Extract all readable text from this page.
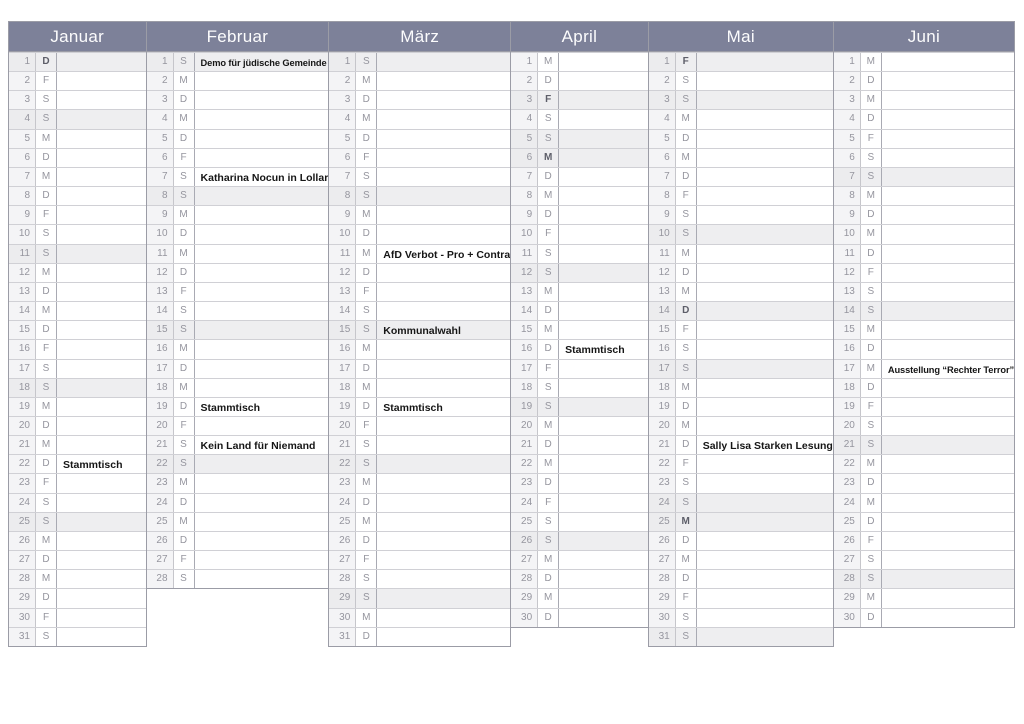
Januar
1	D
2	F
3	S
4	S
5	M
6	D
7	M
8	D
9	F
10	S
11	S
12	M
13	D
14	M
15	D
16	F
17	S
18	S
19	M
20	D
21	M
22	D	Stammtisch
23	F
24	S
25	S
26	M
27	D
28	M
29	D
30	F
31	S
Februar
1	S	Demo für jüdische Gemeinde
2	M
3	D
4	M
5	D
6	F
7	S	Katharina Nocun in Lollar
8	S
9	M
10	D
11	M
12	D
13	F
14	S
15	S
16	M
17	D
18	M
19	D	Stammtisch
20	F
21	S	Kein Land für Niemand
22	S
23	M
24	D
25	M
26	D
27	F
28	S
März
1	S
2	M
3	D
4	M
5	D
6	F
7	S
8	S
9	M
10	D
11	M	AfD Verbot - Pro + Contra
12	D
13	F
14	S
15	S	Kommunalwahl
16	M
17	D
18	M
19	D	Stammtisch
20	F
21	S
22	S
23	M
24	D
25	M
26	D
27	F
28	S
29	S
30	M
31	D
April
1	M
2	D
3	F
4	S
5	S
6	M
7	D
8	M
9	D
10	F
11	S
12	S
13	M
14	D
15	M
16	D	Stammtisch
17	F
18	S
19	S
20	M
21	D
22	M
23	D
24	F
25	S
26	S
27	M
28	D
29	M
30	D
Mai
1	F
2	S
3	S
4	M
5	D
6	M
7	D
8	F
9	S
10	S
11	M
12	D
13	M
14	D
15	F
16	S
17	S
18	M
19	D
20	M
21	D	Sally Lisa Starken Lesung
22	F
23	S
24	S
25	M
26	D
27	M
28	D
29	F
30	S
31	S
Juni
1	M
2	D
3	M
4	D
5	F
6	S
7	S
8	M
9	D
10	M
11	D
12	F
13	S
14	S
15	M
16	D
17	M	Ausstellung “Rechter Terror”
18	D
19	F
20	S
21	S
22	M
23	D
24	M
25	D
26	F
27	S
28	S
29	M
30	D
